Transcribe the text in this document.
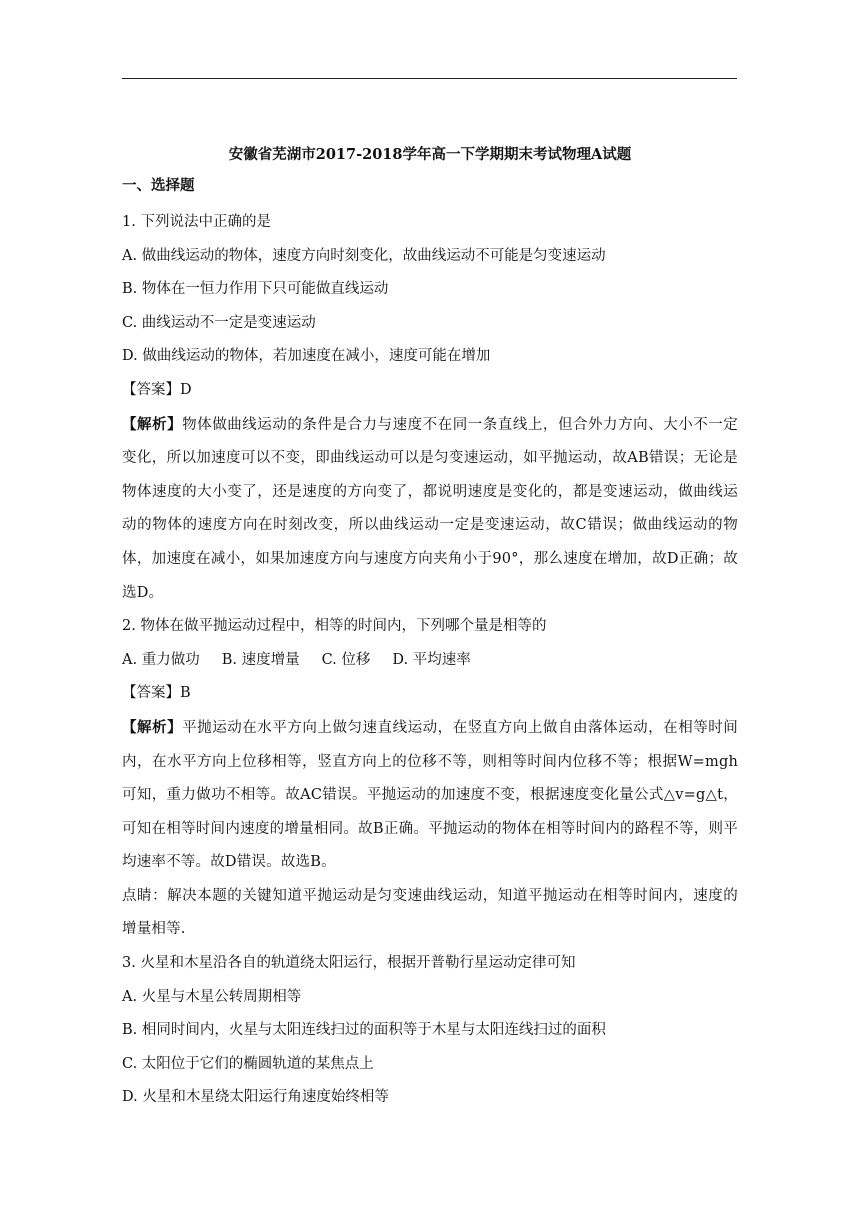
安徽省芜湖市2017-2018学年高一下学期期末考试物理A试题
一、选择题
1. 下列说法中正确的是
A. 做曲线运动的物体，速度方向时刻变化，故曲线运动不可能是匀变速运动
B. 物体在一恒力作用下只可能做直线运动
C. 曲线运动不一定是变速运动
D. 做曲线运动的物体，若加速度在减小，速度可能在增加
【答案】D
【解析】物体做曲线运动的条件是合力与速度不在同一条直线上，但合外力方向、大小不一定变化，所以加速度可以不变，即曲线运动可以是匀变速运动，如平抛运动，故AB错误；无论是物体速度的大小变了，还是速度的方向变了，都说明速度是变化的，都是变速运动，做曲线运动的物体的速度方向在时刻改变，所以曲线运动一定是变速运动，故C错误；做曲线运动的物体，加速度在减小，如果加速度方向与速度方向夹角小于90°，那么速度在增加，故D正确；故选D。
2. 物体在做平抛运动过程中，相等的时间内，下列哪个量是相等的
A. 重力做功 B. 速度增量 C. 位移 D. 平均速率
【答案】B
【解析】平抛运动在水平方向上做匀速直线运动，在竖直方向上做自由落体运动，在相等时间内，在水平方向上位移相等，竖直方向上的位移不等，则相等时间内位移不等；根据W=mgh可知，重力做功不相等。故AC错误。平抛运动的加速度不变，根据速度变化量公式△v=g△t，可知在相等时间内速度的增量相同。故B正确。平抛运动的物体在相等时间内的路程不等，则平均速率不等。故D错误。故选B。
点睛：解决本题的关键知道平抛运动是匀变速曲线运动，知道平抛运动在相等时间内，速度的增量相等.
3. 火星和木星沿各自的轨道绕太阳运行，根据开普勒行星运动定律可知
A. 火星与木星公转周期相等
B. 相同时间内，火星与太阳连线扫过的面积等于木星与太阳连线扫过的面积
C. 太阳位于它们的椭圆轨道的某焦点上
D. 火星和木星绕太阳运行角速度始终相等
